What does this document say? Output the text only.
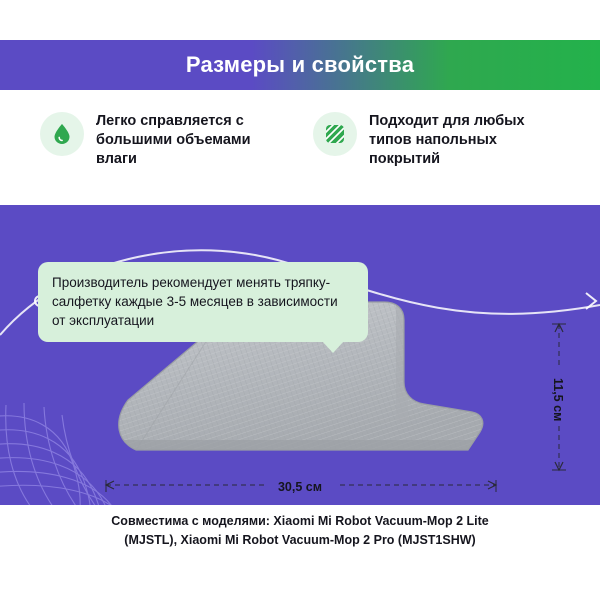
Размеры и свойства
Легко справляется с большими объемами влаги
Подходит для любых типов напольных покрытий
30,5 см
11,5 см
Производитель рекомендует менять тряпку-салфетку каждые 3-5 месяцев в зависимости от эксплуатации
Совместима с моделями: Xiaomi Mi Robot Vacuum-Mop 2 Lite (MJSTL), Xiaomi Mi Robot Vacuum-Mop 2 Pro (MJST1SHW)
